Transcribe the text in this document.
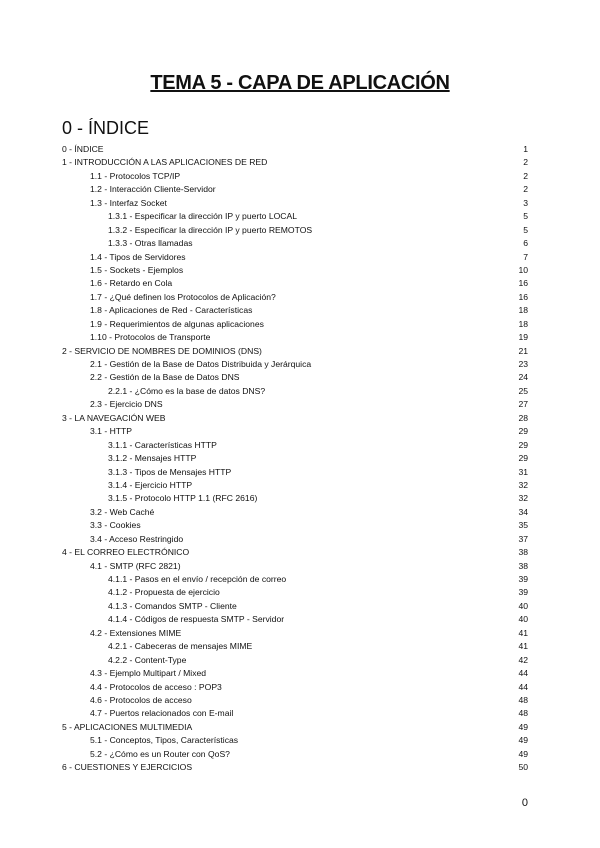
TEMA 5 - CAPA DE APLICACIÓN
0 - ÍNDICE
0 - ÍNDICE	1
1 - INTRODUCCIÓN A LAS APLICACIONES DE RED	2
1.1 - Protocolos TCP/IP	2
1.2 - Interacción Cliente-Servidor	2
1.3 - Interfaz Socket	3
1.3.1 - Especificar la dirección IP y puerto LOCAL	5
1.3.2 - Especificar la dirección IP y puerto REMOTOS	5
1.3.3 - Otras llamadas	6
1.4 - Tipos de Servidores	7
1.5 - Sockets - Ejemplos	10
1.6 - Retardo en Cola	16
1.7 - ¿Qué definen los Protocolos de Aplicación?	16
1.8 - Aplicaciones de Red - Características	18
1.9 - Requerimientos de algunas aplicaciones	18
1.10 - Protocolos de Transporte	19
2 - SERVICIO DE NOMBRES DE DOMINIOS (DNS)	21
2.1 - Gestión de la Base de Datos Distribuida y Jerárquica	23
2.2 - Gestión de la Base de Datos DNS	24
2.2.1 - ¿Cómo es la base de datos DNS?	25
2.3 - Ejercicio DNS	27
3 - LA NAVEGACIÓN WEB	28
3.1 - HTTP	29
3.1.1 - Características HTTP	29
3.1.2 - Mensajes HTTP	29
3.1.3 - Tipos de Mensajes HTTP	31
3.1.4 - Ejercicio HTTP	32
3.1.5 - Protocolo HTTP 1.1 (RFC 2616)	32
3.2 - Web Caché	34
3.3 - Cookies	35
3.4 - Acceso Restringido	37
4 - EL CORREO ELECTRÓNICO	38
4.1 - SMTP (RFC 2821)	38
4.1.1 - Pasos en el envío / recepción de correo	39
4.1.2 - Propuesta de ejercicio	39
4.1.3 - Comandos SMTP - Cliente	40
4.1.4 - Códigos de respuesta SMTP - Servidor	40
4.2 - Extensiones MIME	41
4.2.1 - Cabeceras de mensajes MIME	41
4.2.2 - Content-Type	42
4.3 - Ejemplo Multipart / Mixed	44
4.4 - Protocolos de acceso : POP3	44
4.6 - Protocolos de acceso	48
4.7 - Puertos relacionados con E-mail	48
5 - APLICACIONES MULTIMEDIA	49
5.1 - Conceptos, Tipos, Características	49
5.2 - ¿Cómo es un Router con QoS?	49
6 - CUESTIONES Y EJERCICIOS	50
0
